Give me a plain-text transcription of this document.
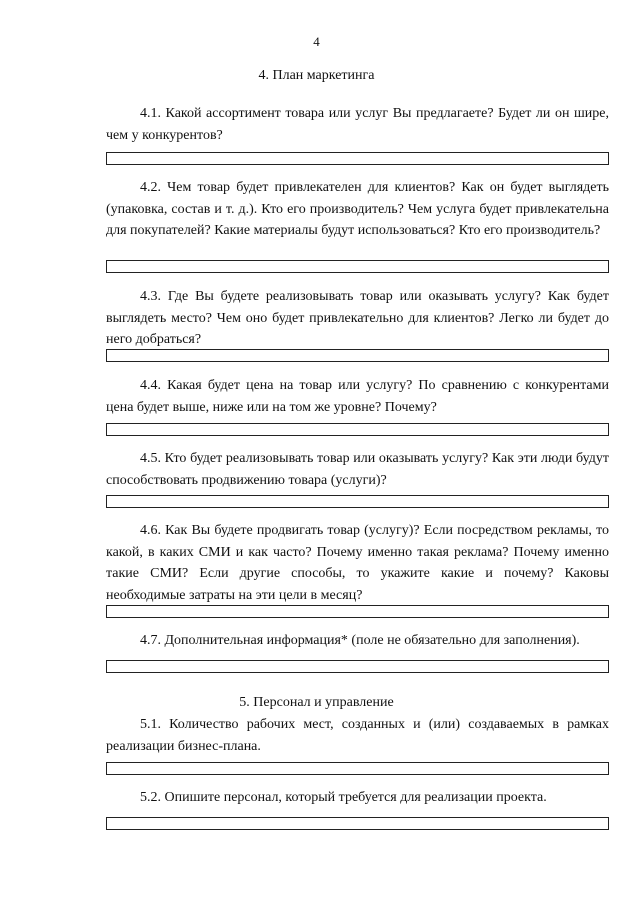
4
4. План маркетинга
4.1. Какой ассортимент товара или услуг Вы предлагаете? Будет ли он шире, чем у конкурентов?
4.2. Чем товар будет привлекателен для клиентов? Как он будет выглядеть (упаковка, состав и т. д.). Кто его производитель? Чем услуга будет привлекательна для покупателей? Какие материалы будут использоваться? Кто его производитель?
4.3. Где Вы будете реализовывать товар или оказывать услугу? Как будет выглядеть место? Чем оно будет привлекательно для клиентов? Легко ли будет до него добраться?
4.4. Какая будет цена на товар или услугу? По сравнению с конкурентами цена будет выше, ниже или на том же уровне? Почему?
4.5. Кто будет реализовывать товар или оказывать услугу? Как эти люди будут способствовать продвижению товара (услуги)?
4.6. Как Вы будете продвигать товар (услугу)? Если посредством рекламы, то какой, в каких СМИ и как часто? Почему именно такая реклама? Почему именно такие СМИ? Если другие способы, то укажите какие и почему? Каковы необходимые затраты на эти цели в месяц?
4.7. Дополнительная информация* (поле не обязательно для заполнения).
5. Персонал и управление
5.1. Количество рабочих мест, созданных и (или) создаваемых в рамках реализации бизнес-плана.
5.2. Опишите персонал, который требуется для реализации проекта.
